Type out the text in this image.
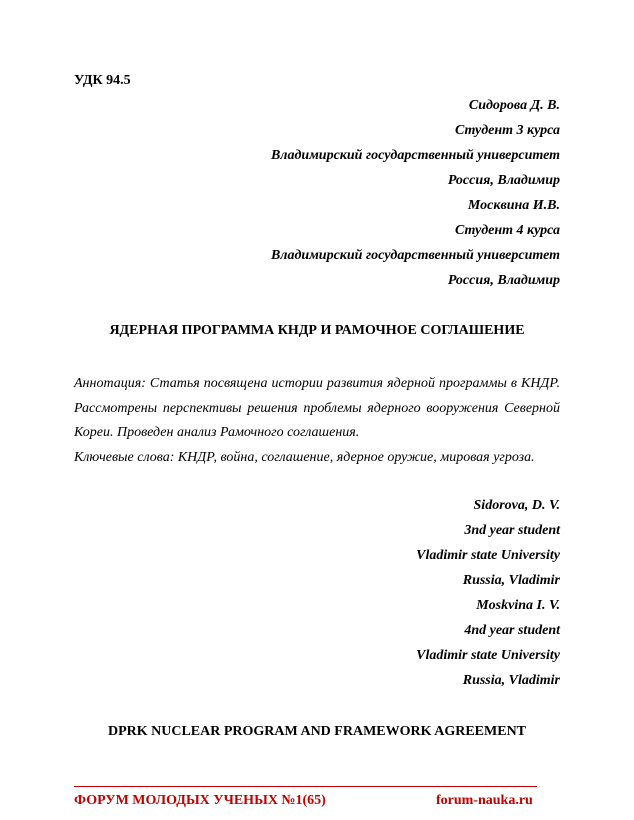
УДК 94.5
Сидорова Д. В.
Студент 3 курса
Владимирский государственный университет
Россия, Владимир
Москвина И.В.
Студент 4 курса
Владимирский государственный университет
Россия, Владимир
ЯДЕРНАЯ ПРОГРАММА КНДР И РАМОЧНОЕ СОГЛАШЕНИЕ

Аннотация: Статья посвящена истории развития ядерной программы в КНДР. Рассмотрены перспективы решения проблемы ядерного вооружения Северной Кореи. Проведен анализ Рамочного соглашения.

Ключевые слова: КНДР, война, соглашение, ядерное оружие, мировая угроза.

Sidorova, D. V.
3nd year student
Vladimir state University
Russia, Vladimir
Moskvina I. V.
4nd year student
Vladimir state University
Russia, Vladimir
DPRK NUCLEAR PROGRAM AND FRAMEWORK AGREEMENT
ФОРУМ МОЛОДЫХ УЧЕНЫХ №1(65)	forum-nauka.ru
